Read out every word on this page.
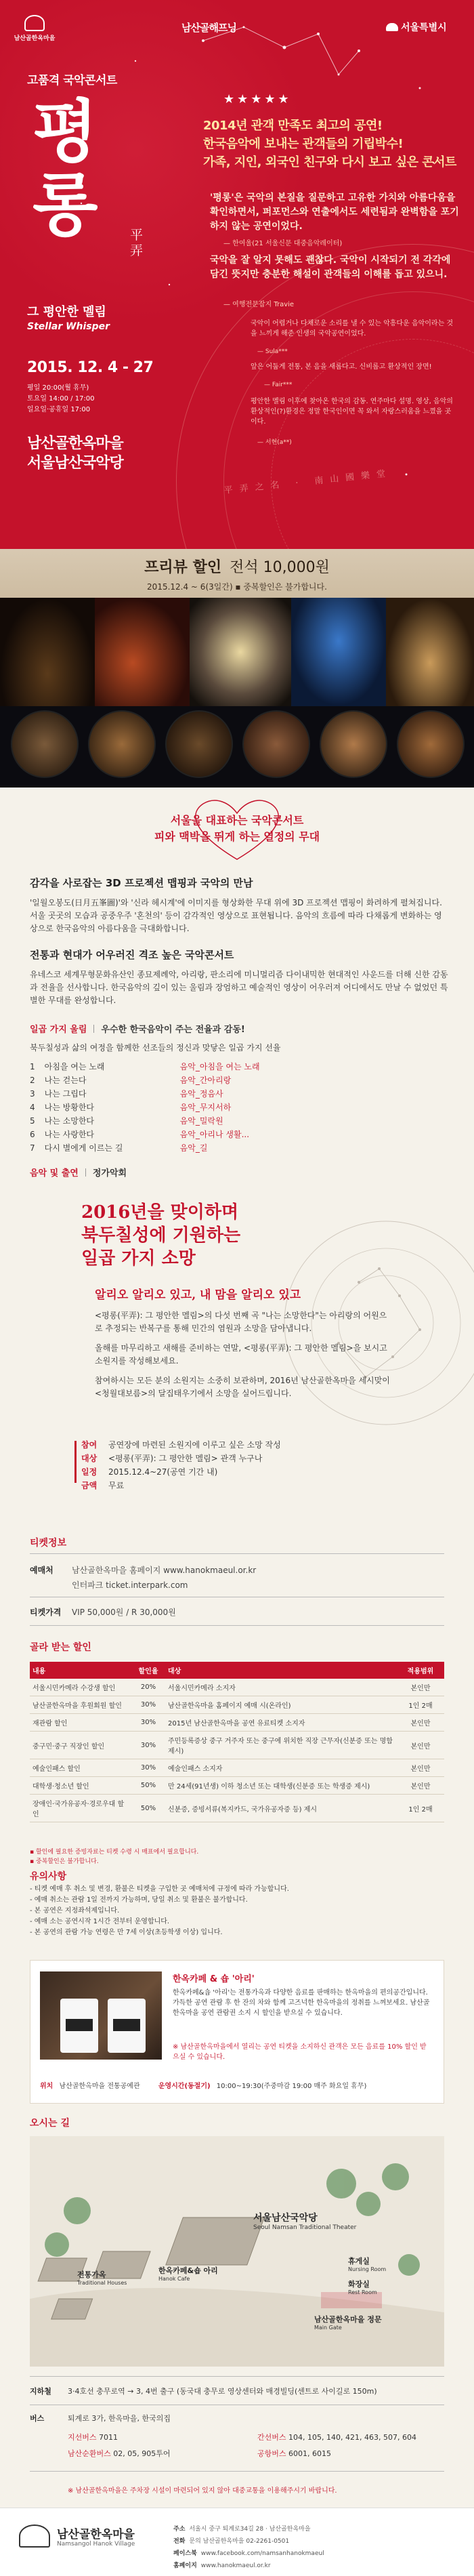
남산골한옥마을
남산골해프닝	서울특별시
고품격 국악콘서트
평
롱	平弄
그 평안한 멜림
Stellar Whisper
2015. 12. 4 - 27
평일 20:00(월 휴무)
토요일 14:00 / 17:00
일요일·공휴일 17:00
남산골한옥마을
서울남산국악당
★★★★★
2014년 관객 만족도 최고의 공연!
한국음악에 보내는 관객들의 기립박수!
가족, 지인, 외국인 친구와 다시 보고 싶은 콘서트
'평롱'은 국악의 본질을 질문하고 고유한 가치와 아름다움을 확인하면서, 퍼포먼스와 연출에서도 세련됨과 완벽함을 포기하지 않는 공연이었다.
— 한여울(21 서울신문 대중음악레이터)
국악을 잘 알지 못해도 괜찮다. 국악이 시작되기 전 각각에 담긴 뜻지만 충분한 해설이 관객들의 이해를 돕고 있으니.
— 여행전문잡지 Travie
국악이 어렵거나 다채로운 소리를 낼 수 있는 악흥다운 음악이라는 것을 느끼게 해준 인생의 국악공연이었다.
— Sula***
앞은 어둡게 전통, 본 음을 새롭다고. 신비롭고 환상적인 장면!
— Fair***
평안한 멜림 이후에 찾아온 한국의 감동. 연주마다 설명. 영상, 음악의 환상적인(?)환경은 정말 한국인이면 꼭 와서 자랑스러움을 느꼈을 곳이다.
— 서현(a**)
平弄之名 · 南山國樂堂
프리뷰 할인 전석 10,000원
2015.12.4 ~ 6(3일간) ▪ 중복할인은 불가합니다.
서울을 대표하는 국악콘서트
피와 맥박을 뛰게 하는 열정의 무대
감각을 사로잡는 3D 프로젝션 맵핑과 국악의 만남

'일월오봉도(日月五峯圖)'와 '신라 헤시계'에 이미지를 형상화한 무대 위에 3D 프로젝션 맵핑이 화려하게 펼쳐집니다. 서울 곳곳의 모습과 공중우주 '혼천의' 등이 감각적인 영상으로 표현됩니다. 음악의 흐름에 따라 다채롭게 변화하는 영상으로 한국음악의 아름다움을 극대화합니다.

전통과 현대가 어우러진 격조 높은 국악콘서트

유네스코 세계무형문화유산인 종묘제례악, 아리랑, 판소리에 미니멀리즘 다이내믹한 현대적인 사운드를 더해 신한 감동과 전율을 선사합니다. 한국음악의 깊이 있는 울림과 장엄하고 예술적인 영상이 어우러져 어디에서도 만날 수 없었던 특별한 무대를 완성합니다.

일곱 가지 울림 우수한 한국음악이 주는 전율과 감동!
북두칠성과 삶의 여정을 함께한 선조들의 정신과 맞닿은 일곱 가지 선율
1	아침을 여는 노래	음악_아침을 여는 노래
2	나는 걷는다	음악_간아리랑
3	나는 그립다	음악_정음사
4	나는 방황한다	음악_무지서하
5	나는 소망한다	음악_밀락원
6	나는 사랑한다	음악_아리나 생활...
7	다시 별에게 이르는 길	음악_길
음악 및 출연 정가악회
2016년을 맞이하며
북두칠성에 기원하는
일곱 가지 소망
알리오 알리오 있고, 내 맘을 알리오 있고

<평롱(平弄): 그 평안한 멜림>의 다섯 번째 곡 "나는 소망한다"는 아리랑의 어원으로 추정되는 반복구를 통해 민간의 염원과 소망을 담아냅니다.

올해를 마무리하고 새해를 준비하는 연말, <평롱(平弄): 그 평안한 멜림>을 보시고 소원지를 작성해보세요.

참여하시는 모든 분의 소원지는 소중히 보관하며, 2016년 남산골한옥마을 세시맞이 <청월대보름>의 달집태우기에서 소망을 실어드립니다.

참여 공연장에 마련된 소원지에 이루고 싶은 소망 작성
대상 <평롱(平弄): 그 평안한 멜림> 관객 누구나
일정 2015.12.4~27(공연 기간 내)
금액 무료
티켓정보
예매처 남산골한옥마을 홈페이지 www.hanokmaeul.or.kr
인터파크 ticket.interpark.com
티켓가격 VIP 50,000원 / R 30,000원
골라 받는 할인
내용	할인율	대상	적용범위
서울시민카메라 수강생 할인	20%	서울시민카메라 소지자	본인만
남산골한옥마을 후원회원 할인	30%	남산골한옥마을 홈페이지 예매 시(온라인)	1인 2매
재관람 할인	30%	2015년 남산골한옥마을 공연 유료티켓 소지자	본인만
중구민·중구 직장인 할인	30%	주민등록증상 중구 거주자 또는 중구에 위치한 직장 근무자(신분증 또는 명함 제시)	본인만
예술인패스 할인	30%	예술인패스 소지자	본인만
대학생·청소년 할인	50%	만 24세(91년생) 이하 청소년 또는 대학생(신분증 또는 학생증 제시)	본인만
장애인·국가유공자·경로우대 할인	50%	신분증, 증빙서류(복지카드, 국가유공자증 등) 제시	1인 2매
▪ 할인에 필요한 증빙자료는 티켓 수령 시 매표에서 필요합니다.
▪ 중복할인은 불가합니다.
유의사항
- 티켓 예매 후 취소 및 변경, 환불은 티켓을 구입한 곳 예매처에 규정에 따라 가능합니다.
- 예매 취소는 관람 1일 전까지 가능하며, 당일 취소 및 환불은 불가합니다.
- 본 공연은 지정좌석제입니다.
- 예매 소는 공연시작 1시간 전부터 운영합니다.
- 본 공연의 관람 가능 연령은 만 7세 이상(초등학생 이상) 입니다.
한옥카페 & 숍 '아리'
한옥카페&숍 '아리'는 전통가옥과 다양한 음료를 판매하는 한옥마을의 편의공간입니다. 가득한 공연 관람 후 한 잔의 차와 함께 고즈넉한 한옥마을의 정취를 느껴보세요. 남산골 한옥마을 공연 관람권 소지 시 할인을 받으실 수 있습니다.
※ 남산골한옥마을에서 열리는 공연 티켓을 소지하신 관객은 모든 음료를 10% 할인 받으실 수 있습니다.
위치 남산골한옥마을 전통공예관	운영시간(동절기) 10:00~19:30(주중마감 19:00 매주 화요일 휴무)
오시는 길
서울남산국악당
Seoul Namsan Traditional Theater
한옥카페&숍 아리
Hanok Cafe
전통가옥
Traditional Houses
휴게실
Nursing Room
화장실
Rest Room
남산골한옥마을 정문
Main Gate
지하철 3·4호선 충무로역 → 3, 4번 출구 (동국대 충무로 영상센터와 매경빌딩(센트로 사이길로 150m)
버스	퇴계로 3가, 한옥마을, 한국의집
지선버스 7011	간선버스 104, 105, 140, 421, 463, 507, 604
남산순환버스 02, 05, 905투어	공항버스 6001, 6015
※ 남산골한옥마을은 주차장 시설이 마련되어 있지 않아 대중교통을 이용해주시기 바랍니다.
남산골한옥마을
Namsangol Hanok Village
주소 서울시 중구 퇴계로34길 28 · 남산골한옥마을
전화 문의 남산골한옥마을 02-2261-0501
페이스북 www.facebook.com/namsanhanokmaeul
홈페이지 www.hanokmaeul.or.kr
